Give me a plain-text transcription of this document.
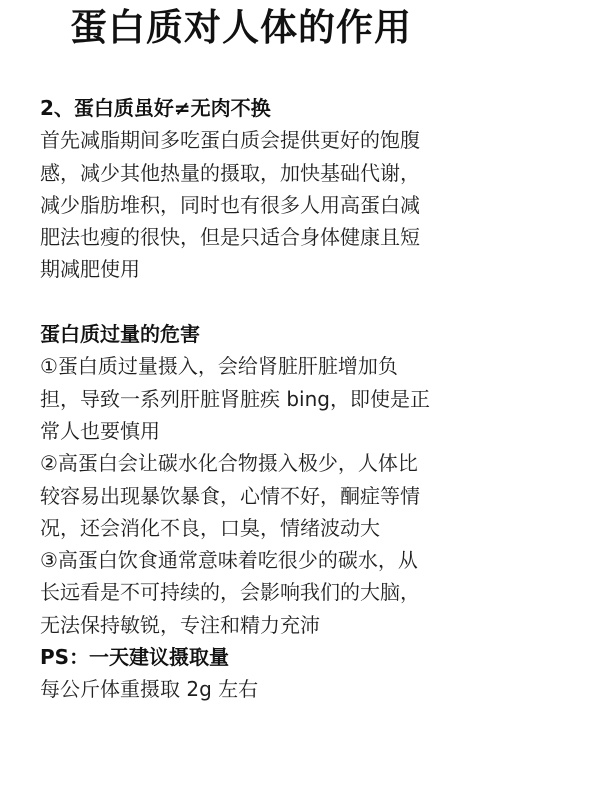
蛋白质对人体的作用
2、蛋白质虽好≠无肉不换
首先减脂期间多吃蛋白质会提供更好的饱腹
感，减少其他热量的摄取，加快基础代谢，
减少脂肪堆积，同时也有很多人用高蛋白减
肥法也瘦的很快，但是只适合身体健康且短
期减肥使用
蛋白质过量的危害
①蛋白质过量摄入，会给肾脏肝脏增加负
担，导致一系列肝脏肾脏疾 bing，即使是正
常人也要慎用
②高蛋白会让碳水化合物摄入极少，人体比
较容易出现暴饮暴食，心情不好，酮症等情
况，还会消化不良，口臭，情绪波动大
③高蛋白饮食通常意味着吃很少的碳水，从
长远看是不可持续的，会影响我们的大脑，
无法保持敏锐，专注和精力充沛
PS：一天建议摄取量
每公斤体重摄取 2g 左右
